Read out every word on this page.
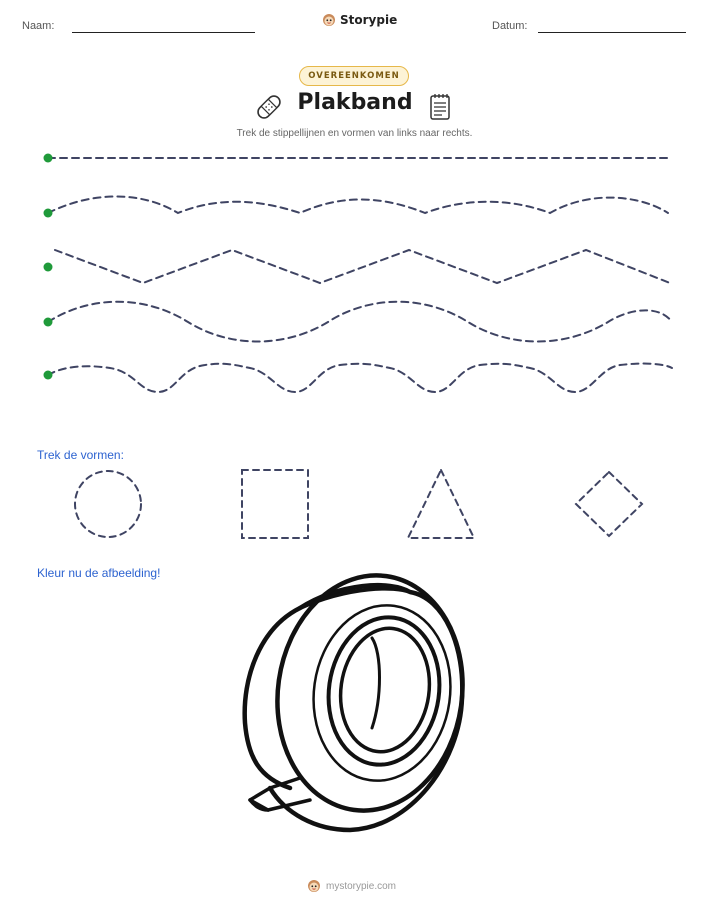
Naam:	Storypie	Datum:
OVEREENKOMEN
Plakband
Trek de stippellijnen en vormen van links naar rechts.
Trek de vormen:
Kleur nu de afbeelding!
mystorypie.com
